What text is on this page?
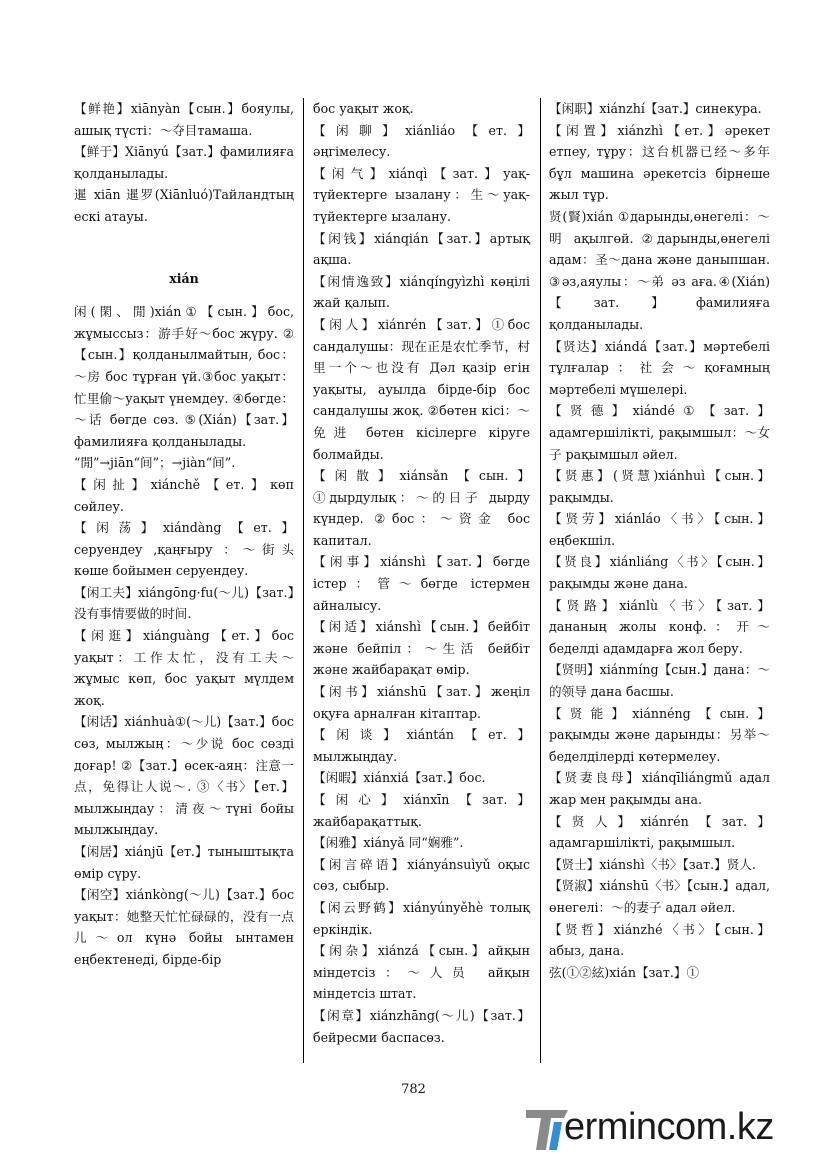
【鲜艳】xiānyàn【сын.】бояулы, ашық түсті：～夺目тамаша.

【鲜于】Xiānyú【зат.】фамилияға қолданылады.

暹 xiān 暹罗(Xiānluó)Тайландтың ескі атауы.

xián

闲(閑、閒)xián①【сын.】бос, жұмыссыз：游手好～бос жүру. ②【сын.】қолданылмайтын, бос：～房 бос тұрған үй.③бос уақыт：忙里偷～уақыт үнемдеу. ④бөгде：～话 бөгде сөз. ⑤(Xián)【зат.】фамилияға қолданылады.

“閒”→jiān“间”；→jiàn“间”.

【闲扯】xiánchě【ет.】көп сөйлеу.

【闲荡】xiándàng【ет.】серуендеу ,қаңғыру ：～街头 көше бойымен серуендеу.

【闲工夫】xiángōng·fu(～儿)【зат.】没有事情要做的时间.

【闲逛】xiánguàng【ет.】бос уақыт：工作太忙，没有工夫～жұмыс көп, бос уақыт мүлдем жоқ.

【闲话】xiánhuà①(～儿)【зат.】бос сөз, мылжың：～少说 бос сөзді доғар! ②【зат.】өсек-аяң：注意一点，免得让人说～. ③〈书〉【ет.】мылжыңдау：清夜～түні бойы мылжыңдау.

【闲居】xiánjū【ет.】тыныштықта өмір сүру.

【闲空】xiánkòng(～儿)【зат.】бос уақыт：她整天忙忙碌碌的，没有一点儿～ол күнә бойы ынтамен еңбектенеді, бірде-бір

бос уақыт жоқ.

【闲聊】xiánliáo【ет.】әңгімелесу.

【闲气】xiánqì【зат.】уақ-түйектерге ызалану：生～уақ-түйектерге ызалану.

【闲钱】xiánqián【зат.】артық ақша.

【闲情逸致】xiánqíngyìzhì көңілі жай қалып.

【闲人】xiánrén【зат.】①бос сандалушы：现在正是农忙季节，村里一个～也没有 Дәл қазір егін уақыты, ауылда бірде-бір бос сандалушы жоқ. ②бөтен кісі：～免进 бөтен кісілерге кіруге болмайды.

【闲散】xiánsǎn【сын.】①дырдулық：～的日子 дырду күндер. ②бос：～资金 бос капитал.

【闲事】xiánshì【зат.】бөгде істер：管～бөгде істермен айналысу.

【闲适】xiánshì【сын.】бейбіт және бейпіл：～生活 бейбіт және жайбарақат өмір.

【闲书】xiánshū【зат.】жеңіл оқуға арналған кітаптар.

【闲谈】xiántán【ет.】мылжыңдау.

【闲暇】xiánxiá【зат.】бос.

【闲心】xiánxīn【зат.】жайбарақаттық.

【闲雅】xiányǎ 同“娴雅”.

【闲言碎语】xiányánsuìyǔ оқыс сөз, сыбыр.

【闲云野鹤】xiányúnyěhè толық еркіндік.

【闲杂】xiánzá【сын.】айқын міндетсіз：～人员 айқын міндетсіз штат.

【闲章】xiánzhāng(～儿)【зат.】бейресми баспасөз.

【闲职】xiánzhí【зат.】синекура.

【闲置】xiánzhì【ет.】әрекет етпеу, тұру：这台机器已经～多年 бұл машина әрекетсіз бірнеше жыл тұр.

贤(賢)xián ①дарынды,өнегелі：～明 ақылгөй. ②дарынды,өнегелі адам：圣～дана және даныпшан. ③әз,аяулы：～弟 әз аға.④(Xián)【зат.】фамилияға қолданылады.

【贤达】xiándá【зат.】мәртебелі тұлғалар：社会～қоғамның мәртебелі мүшелері.

【贤德】xiándé①【зат.】адамгершілікті, рақымшыл：～女子 рақымшыл әйел.

【贤惠】(贤慧)xiánhuì【сын.】рақымды.

【贤劳】xiánláo〈书〉【сын.】еңбекшіл.

【贤良】xiánliáng〈书〉【сын.】рақымды және дана.

【贤路】xiánlù〈书〉【зат.】дананың жолы конф.：开～беделді адамдарға жол беру.

【贤明】xiánmíng【сын.】дана：～的领导 дана басшы.

【贤能】xiánnéng【сын.】рақымды және дарынды：另举～беделділерді көтермелеу.

【贤妻良母】xiánqīliángmǔ адал жар мен рақымды ана.

【贤人】xiánrén【зат.】адамгаршілікті, рақымшыл.

【贤士】xiánshì〈书〉【зат.】贤人.

【贤淑】xiánshū〈书〉【сын.】адал, өнегелі：～的妻子 адал әйел.

【贤哲】xiánzhé〈书〉【сын.】абыз, дана.

弦(①②絃)xián【зат.】①

782
ermincom.kz
